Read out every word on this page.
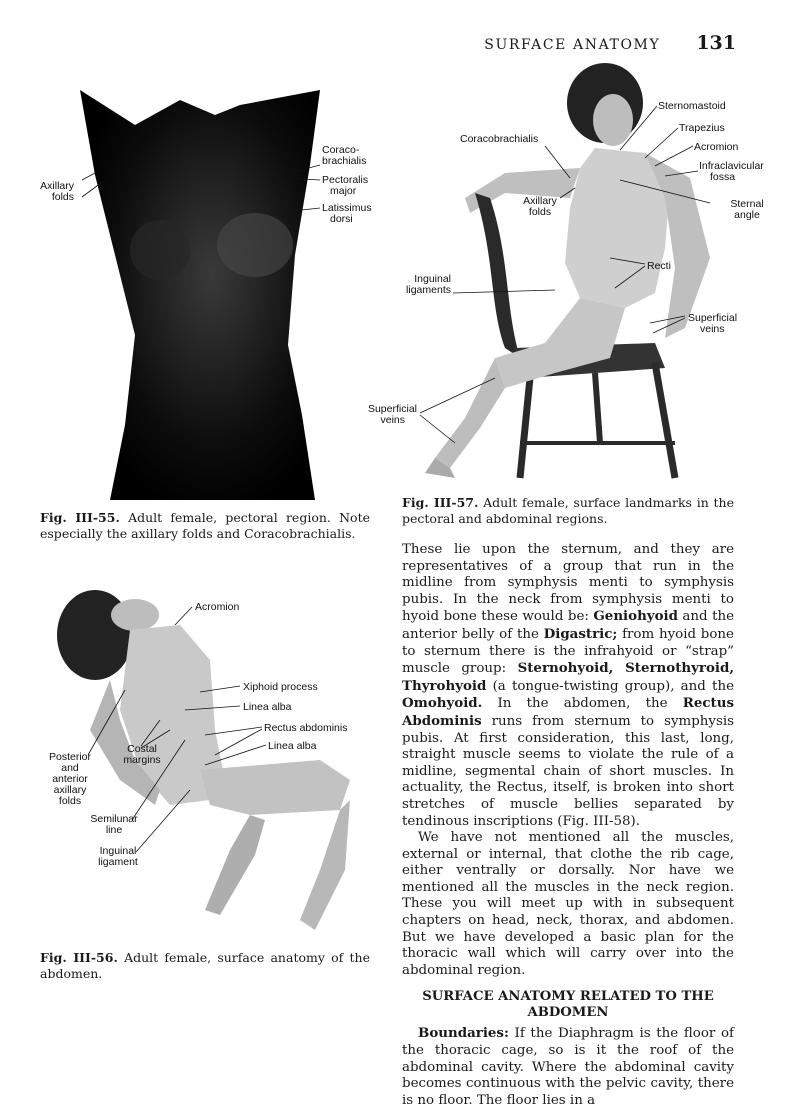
SURFACE ANATOMY 131
Axillary folds
Coraco-brachialis
Pectoralis major
Latissimus dorsi
Fig. III-55. Adult female, pectoral region. Note especially the axillary folds and Coracobrachialis.
Sternomastoid
Trapezius
Acromion
Infraclavicular fossa
Coracobrachialis
Axillary folds
Sternal angle
Recti
Inguinal ligaments
Superficial veins
Superficial veins
Fig. III-57. Adult female, surface landmarks in the pectoral and abdominal regions.
Acromion
Xiphoid process
Linea alba
Rectus abdominis
Linea alba
Costal margins
Posterior and anterior axillary folds
Semilunar line
Inguinal ligament
Fig. III-56. Adult female, surface anatomy of the abdomen.

These lie upon the sternum, and they are representatives of a group that run in the midline from symphysis menti to symphysis pubis. In the neck from symphysis menti to hyoid bone these would be: Geniohyoid and the anterior belly of the Digastric; from hyoid bone to sternum there is the infrahyoid or “strap” muscle group: Sternohyoid, Sternothyroid, Thyrohyoid (a tongue-twisting group), and the Omohyoid. In the abdomen, the Rectus Abdominis runs from sternum to symphysis pubis. At first consideration, this last, long, straight muscle seems to violate the rule of a midline, segmental chain of short muscles. In actuality, the Rectus, itself, is broken into short stretches of muscle bellies separated by tendinous inscriptions (Fig. III-58).

We have not mentioned all the muscles, external or internal, that clothe the rib cage, either ventrally or dorsally. Nor have we mentioned all the muscles in the neck region. These you will meet up with in subsequent chapters on head, neck, thorax, and abdomen. But we have developed a basic plan for the thoracic wall which will carry over into the abdominal region.

SURFACE ANATOMY RELATED TO THE ABDOMEN

Boundaries: If the Diaphragm is the floor of the thoracic cage, so is it the roof of the abdominal cavity. Where the abdominal cavity becomes continuous with the pelvic cavity, there is no floor. The floor lies in a
